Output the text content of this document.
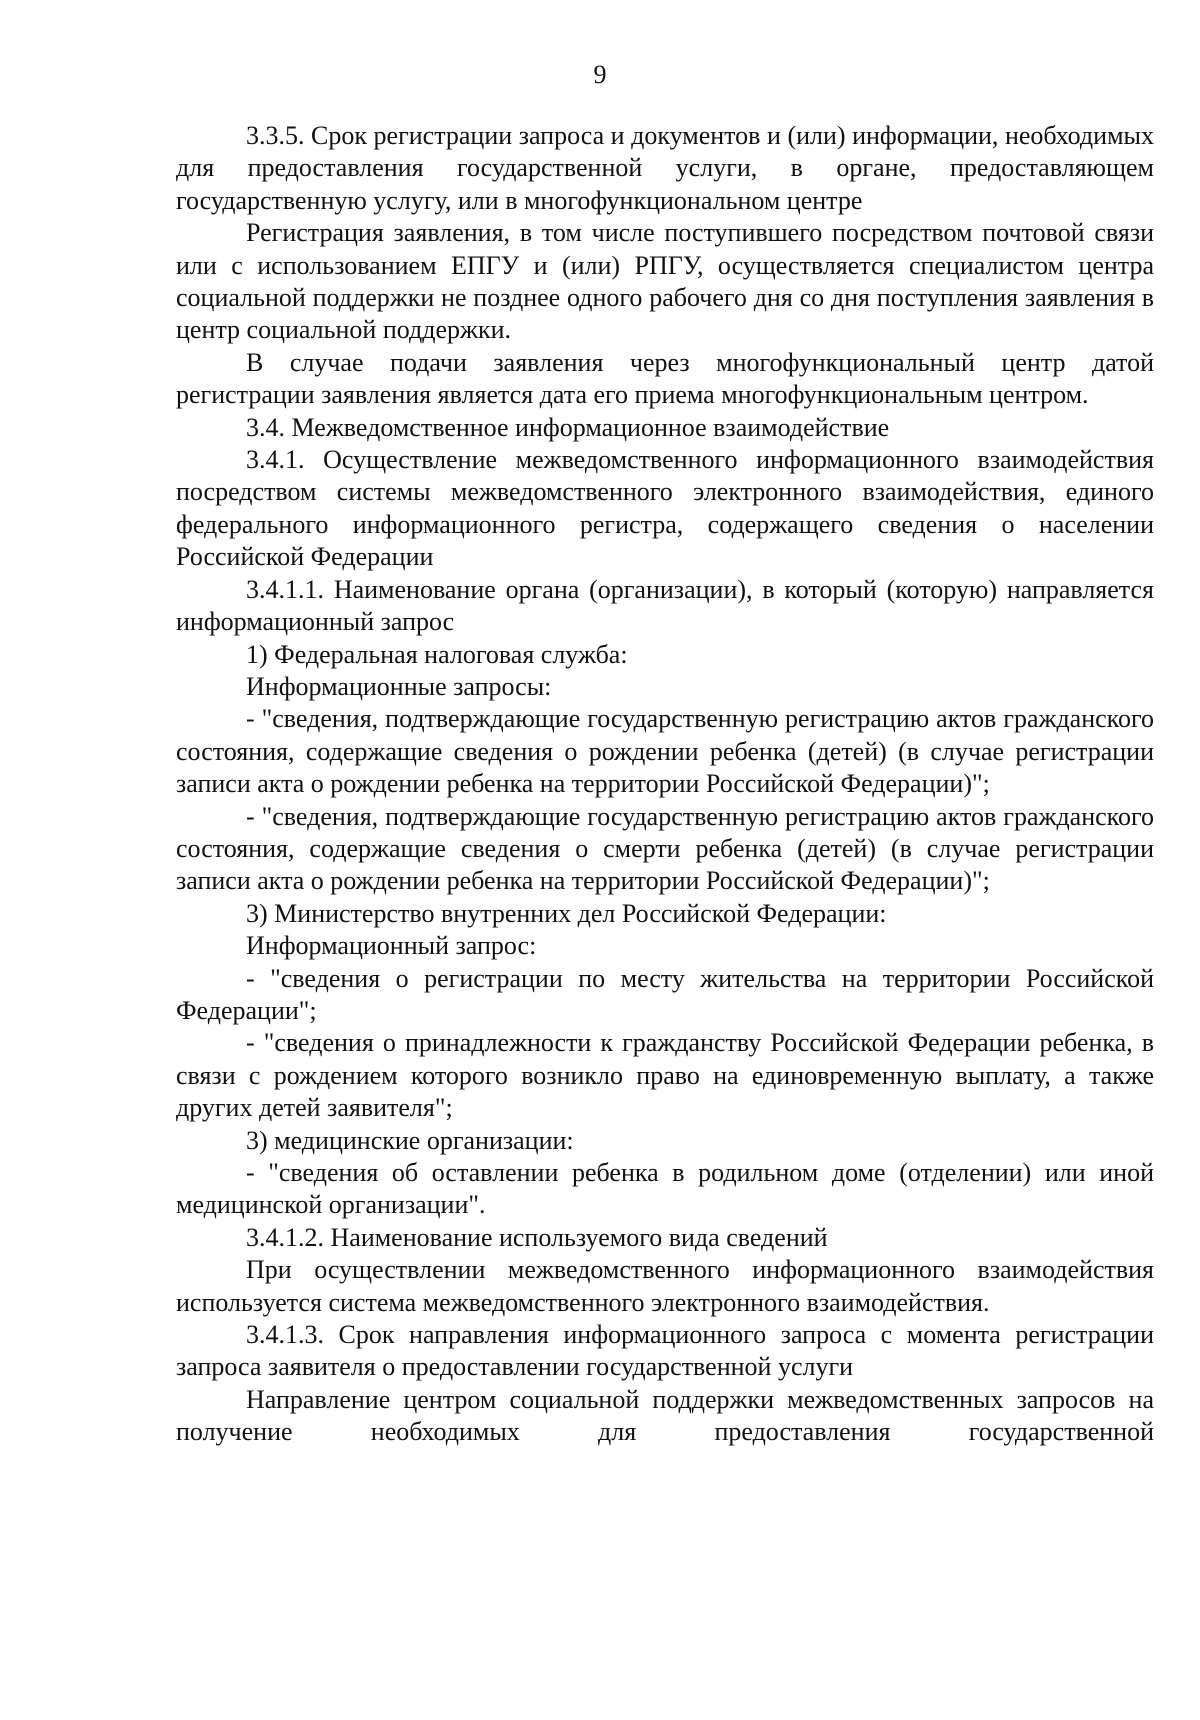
9

3.3.5. Срок регистрации запроса и документов и (или) информации, необходимых для предоставления государственной услуги, в органе, предоставляющем государственную услугу, или в многофункциональном центре

Регистрация заявления, в том числе поступившего посредством почтовой связи или с использованием ЕПГУ и (или) РПГУ, осуществляется специалистом центра социальной поддержки не позднее одного рабочего дня со дня поступления заявления в центр социальной поддержки.

В случае подачи заявления через многофункциональный центр датой регистрации заявления является дата его приема многофункциональным центром.

3.4. Межведомственное информационное взаимодействие

3.4.1. Осуществление межведомственного информационного взаимодействия посредством системы межведомственного электронного взаимодействия, единого федерального информационного регистра, содержащего сведения о населении Российской Федерации

3.4.1.1. Наименование органа (организации), в который (которую) направляется информационный запрос

1) Федеральная налоговая служба:

Информационные запросы:

- "сведения, подтверждающие государственную регистрацию актов гражданского состояния, содержащие сведения о рождении ребенка (детей) (в случае регистрации записи акта о рождении ребенка на территории Российской Федерации)";

- "сведения, подтверждающие государственную регистрацию актов гражданского состояния, содержащие сведения о смерти ребенка (детей) (в случае регистрации записи акта о рождении ребенка на территории Российской Федерации)";

3) Министерство внутренних дел Российской Федерации:

Информационный запрос:

- "сведения о регистрации по месту жительства на территории Российской Федерации";

- "сведения о принадлежности к гражданству Российской Федерации ребенка, в связи с рождением которого возникло право на единовременную выплату, а также других детей заявителя";

3) медицинские организации:

- "сведения об оставлении ребенка в родильном доме (отделении) или иной медицинской организации".

3.4.1.2. Наименование используемого вида сведений

При осуществлении межведомственного информационного взаимодействия используется система межведомственного электронного взаимодействия.

3.4.1.3. Срок направления информационного запроса с момента регистрации запроса заявителя о предоставлении государственной услуги

Направление центром социальной поддержки межведомственных запросов на получение необходимых для предоставления государственной
